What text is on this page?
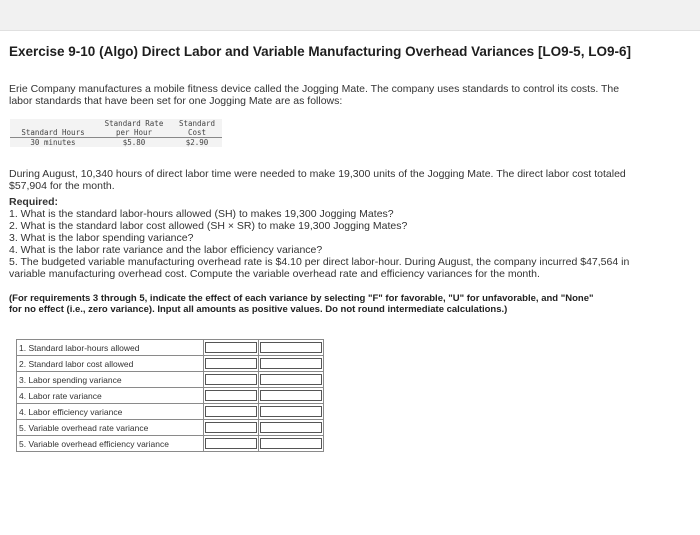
Exercise 9-10 (Algo) Direct Labor and Variable Manufacturing Overhead Variances [LO9-5, LO9-6]
Erie Company manufactures a mobile fitness device called the Jogging Mate. The company uses standards to control its costs. The
labor standards that have been set for one Jogging Mate are as follows:
	Standard Rate	Standard
Standard Hours	per Hour	Cost
30 minutes	$5.80	$2.90
During August, 10,340 hours of direct labor time were needed to make 19,300 units of the Jogging Mate. The direct labor cost totaled
$57,904 for the month.
Required:
1. What is the standard labor-hours allowed (SH) to makes 19,300 Jogging Mates?
2. What is the standard labor cost allowed (SH × SR) to make 19,300 Jogging Mates?
3. What is the labor spending variance?
4. What is the labor rate variance and the labor efficiency variance?
5. The budgeted variable manufacturing overhead rate is $4.10 per direct labor-hour. During August, the company incurred $47,564 in
variable manufacturing overhead cost. Compute the variable overhead rate and efficiency variances for the month.
(For requirements 3 through 5, indicate the effect of each variance by selecting "F" for favorable, "U" for unfavorable, and "None"
for no effect (i.e., zero variance). Input all amounts as positive values. Do not round intermediate calculations.)
1. Standard labor-hours allowed	

2. Standard labor cost allowed	

3. Labor spending variance	

4. Labor rate variance	

4. Labor efficiency variance	

5. Variable overhead rate variance	

5. Variable overhead efficiency variance	
